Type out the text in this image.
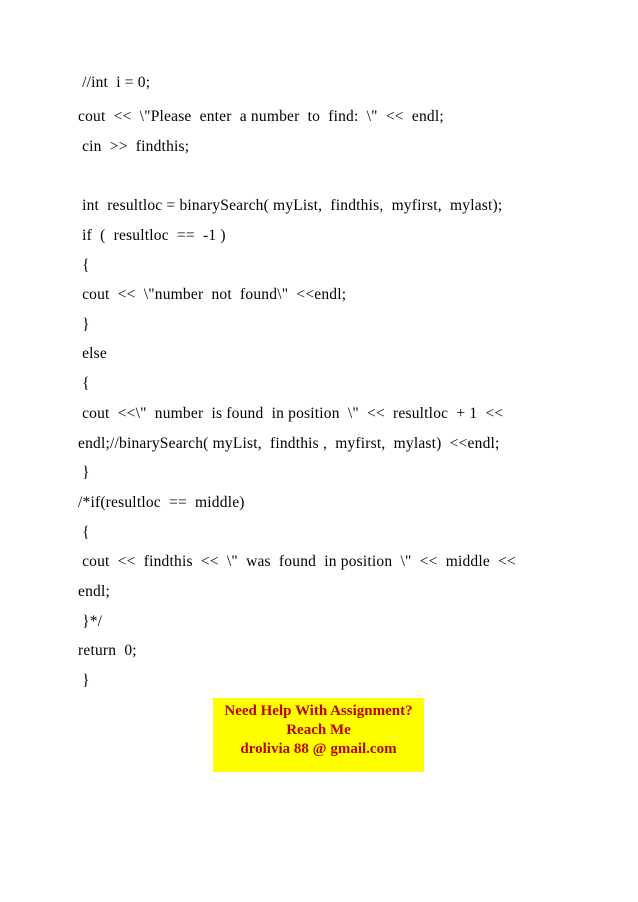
//int  i = 0;
cout  <<  \"Please  enter  a number  to  find:  \"  <<  endl;
cin  >>  findthis;
int  resultloc = binarySearch( myList,  findthis,  myfirst,  mylast);
if  (  resultloc  ==  -1 )
{
cout  <<  \"number  not  found\"  <<endl;
}
else
{
cout  <<\"  number  is found  in position  \"  <<  resultloc  + 1  <<
endl;//binarySearch( myList,  findthis ,  myfirst,  mylast)  <<endl;
}
/*if(resultloc  ==  middle)
{
cout  <<  findthis  <<  \"  was  found  in position  \"  <<  middle  <<
endl;
}*/
return  0;
}
Need Help With Assignment?
Reach Me
drolivia 88 @ gmail.com
